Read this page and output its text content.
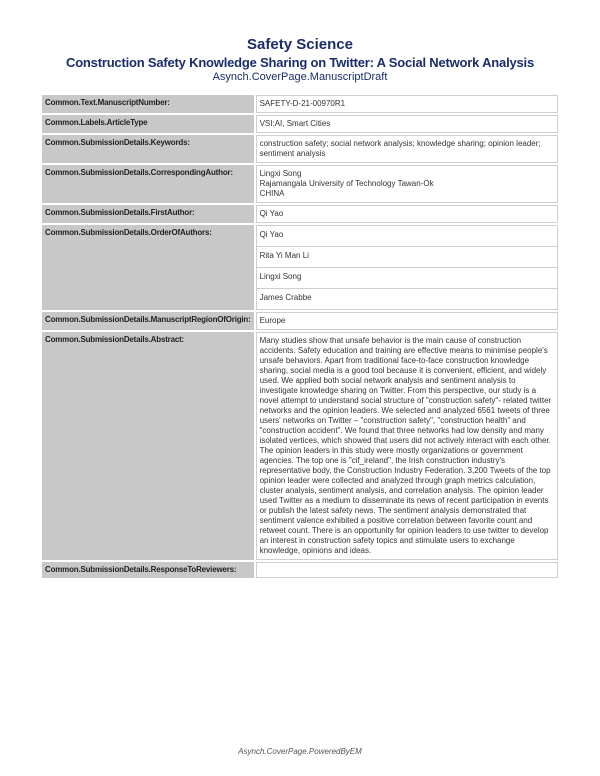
Safety Science
Construction Safety Knowledge Sharing on Twitter: A Social Network Analysis
Asynch.CoverPage.ManuscriptDraft
Common.Text.ManuscriptNumber:	SAFETY-D-21-00970R1
Common.Labels.ArticleType	VSI:AI, Smart Cities
Common.SubmissionDetails.Keywords:	construction safety; social network analysis; knowledge sharing; opinion leader; sentiment analysis
Common.SubmissionDetails.CorrespondingAuthor:	Lingxi Song
Rajamangala University of Technology Tawan-Ok
CHINA

Common.SubmissionDetails.FirstAuthor:	Qi Yao
Common.SubmissionDetails.OrderOfAuthors:	Qi Yao
Rita Yi Man Li
Lingxi Song
James Crabbe

Common.SubmissionDetails.ManuscriptRegionOfOrigin:	Europe
Common.SubmissionDetails.Abstract:	Many studies show that unsafe behavior is the main cause of construction accidents. Safety education and training are effective means to minimise people's unsafe behaviors. Apart from traditional face-to-face construction knowledge sharing, social media is a good tool because it is convenient, efficient, and widely used. We applied both social network analysis and sentiment analysis to investigate knowledge sharing on Twitter. From this perspective, our study is a novel attempt to understand social structure of "construction safety"- related twitter networks and the opinion leaders. We selected and analyzed 6561 tweets of three users' networks on Twitter – "construction safety", "construction health" and "construction accident". We found that three networks had low density and many isolated vertices, which showed that users did not actively interact with each other. The opinion leaders in this study were mostly organizations or government agencies. The top one is "cif_ireland", the Irish construction industry's representative body, the Construction Industry Federation. 3,200 Tweets of the top opinion leader were collected and analyzed through graph metrics calculation, cluster analysis, sentiment analysis, and correlation analysis. The opinion leader used Twitter as a medium to disseminate its news of recent participation in events or publish the latest safety news. The sentiment analysis demonstrated that sentiment valence exhibited a positive correlation between favorite count and retweet count. There is an opportunity for opinion leaders to use twitter to develop an interest in construction safety topics and stimulate users to exchange knowledge, opinions and ideas.
Common.SubmissionDetails.ResponseToReviewers:	
Asynch.CoverPage.PoweredByEM
